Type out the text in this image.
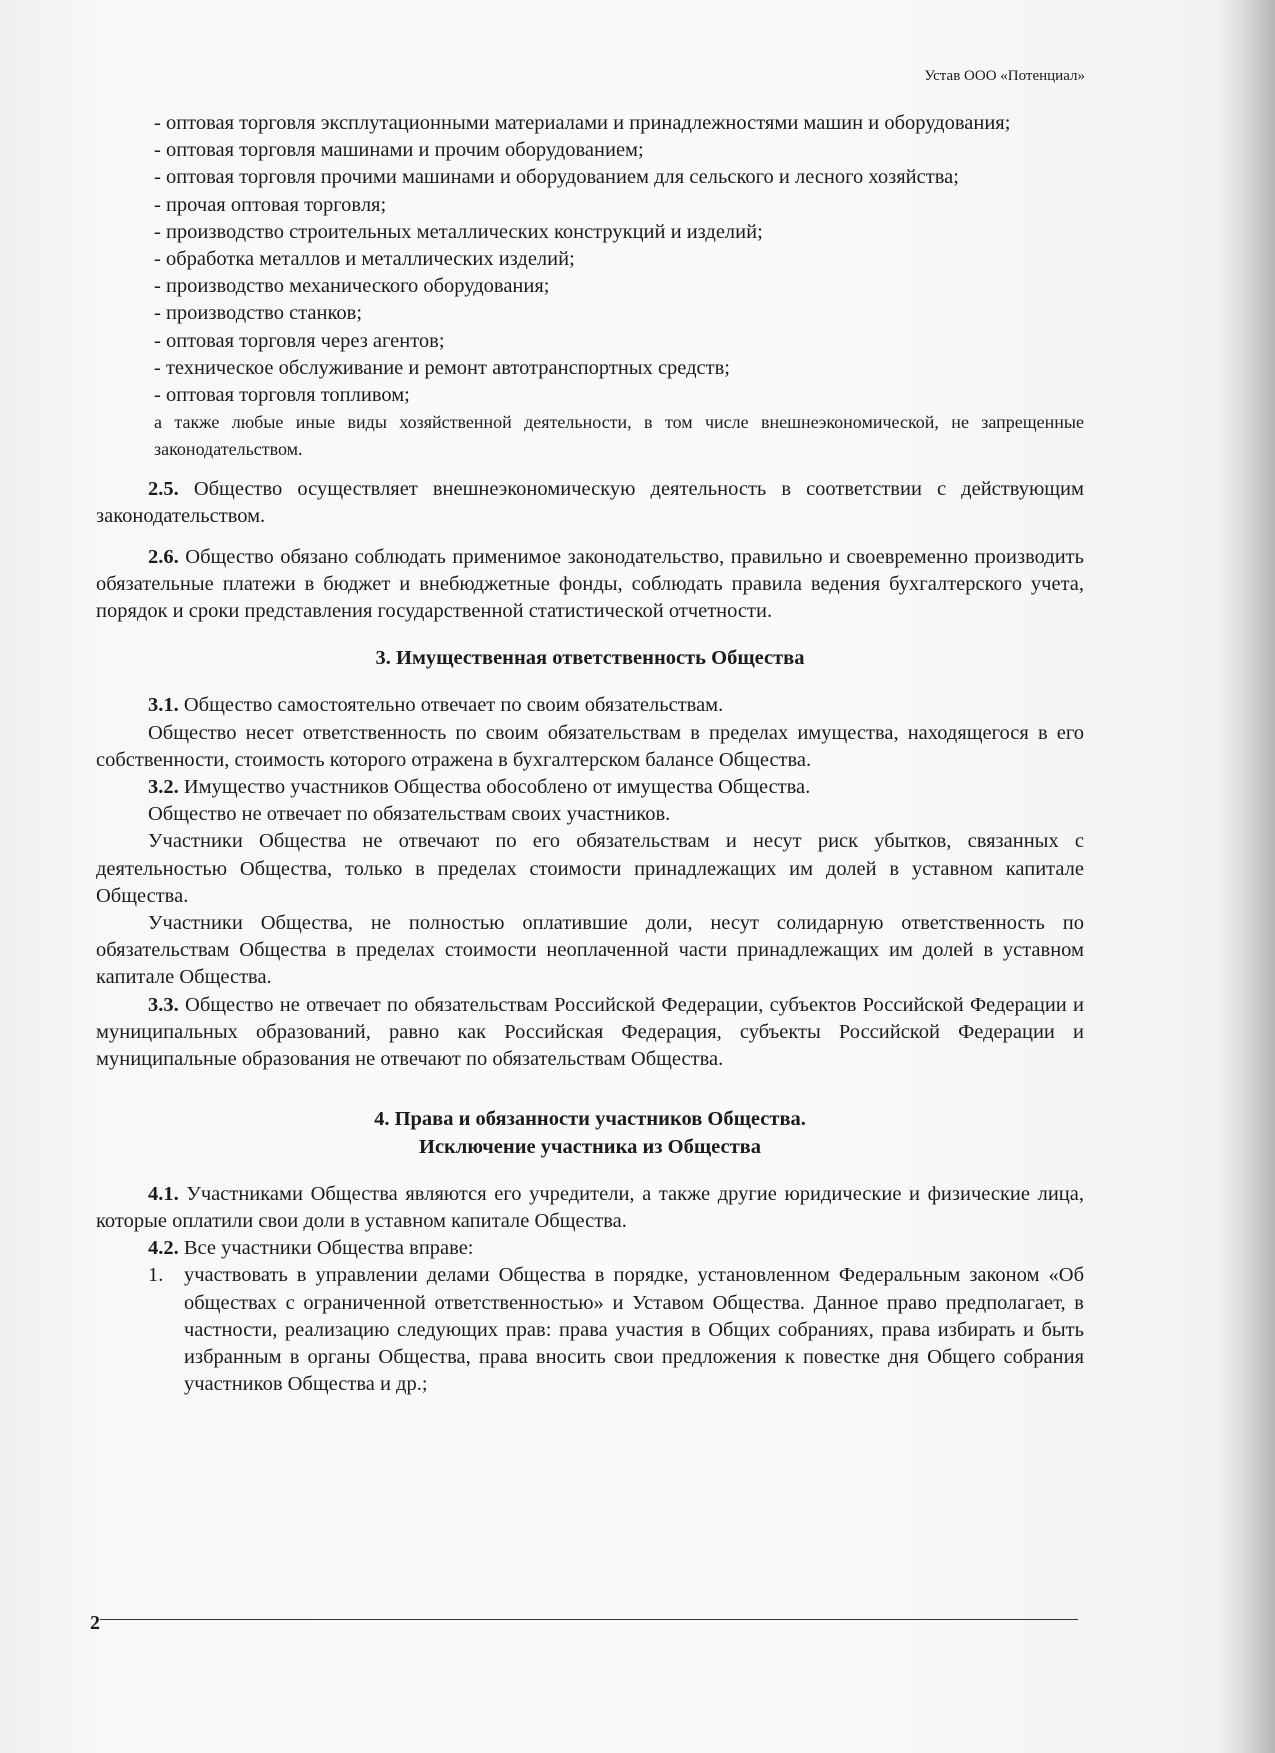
Устав ООО «Потенциал»

- оптовая торговля эксплутационными материалами и принадлежностями машин и оборудования;

- оптовая торговля машинами и прочим оборудованием;

- оптовая торговля прочими машинами и оборудованием для сельского и лесного хозяйства;

- прочая оптовая торговля;

- производство строительных металлических конструкций и изделий;

- обработка металлов и металлических изделий;

- производство механического оборудования;

- производство станков;

- оптовая торговля через агентов;

- техническое обслуживание и ремонт автотранспортных средств;

- оптовая торговля топливом;

а также любые иные виды хозяйственной деятельности, в том числе внешнеэкономической, не запрещенные законодательством.

2.5. Общество осуществляет внешнеэкономическую деятельность в соответствии с действующим законодательством.

2.6. Общество обязано соблюдать применимое законодательство, правильно и своевременно производить обязательные платежи в бюджет и внебюджетные фонды, соблюдать правила ведения бухгалтерского учета, порядок и сроки представления государственной статистической отчетности.

3. Имущественная ответственность Общества

3.1. Общество самостоятельно отвечает по своим обязательствам.

Общество несет ответственность по своим обязательствам в пределах имущества, находящегося в его собственности, стоимость которого отражена в бухгалтерском балансе Общества.

3.2. Имущество участников Общества обособлено от имущества Общества.

Общество не отвечает по обязательствам своих участников.

Участники Общества не отвечают по его обязательствам и несут риск убытков, связанных с деятельностью Общества, только в пределах стоимости принадлежащих им долей в уставном капитале Общества.

Участники Общества, не полностью оплатившие доли, несут солидарную ответственность по обязательствам Общества в пределах стоимости неоплаченной части принадлежащих им долей в уставном капитале Общества.

3.3. Общество не отвечает по обязательствам Российской Федерации, субъектов Российской Федерации и муниципальных образований, равно как Российская Федерация, субъекты Российской Федерации и муниципальные образования не отвечают по обязательствам Общества.

4. Права и обязанности участников Общества.

Исключение участника из Общества

4.1. Участниками Общества являются его учредители, а также другие юридические и физические лица, которые оплатили свои доли в уставном капитале Общества.

4.2. Все участники Общества вправе:

1.	участвовать в управлении делами Общества в порядке, установленном Федеральным законом «Об обществах с ограниченной ответственностью» и Уставом Общества. Данное право предполагает, в частности, реализацию следующих прав: права участия в Общих собраниях, права избирать и быть избранным в органы Общества, права вносить свои предложения к повестке дня Общего собрания участников Общества и др.;
2
